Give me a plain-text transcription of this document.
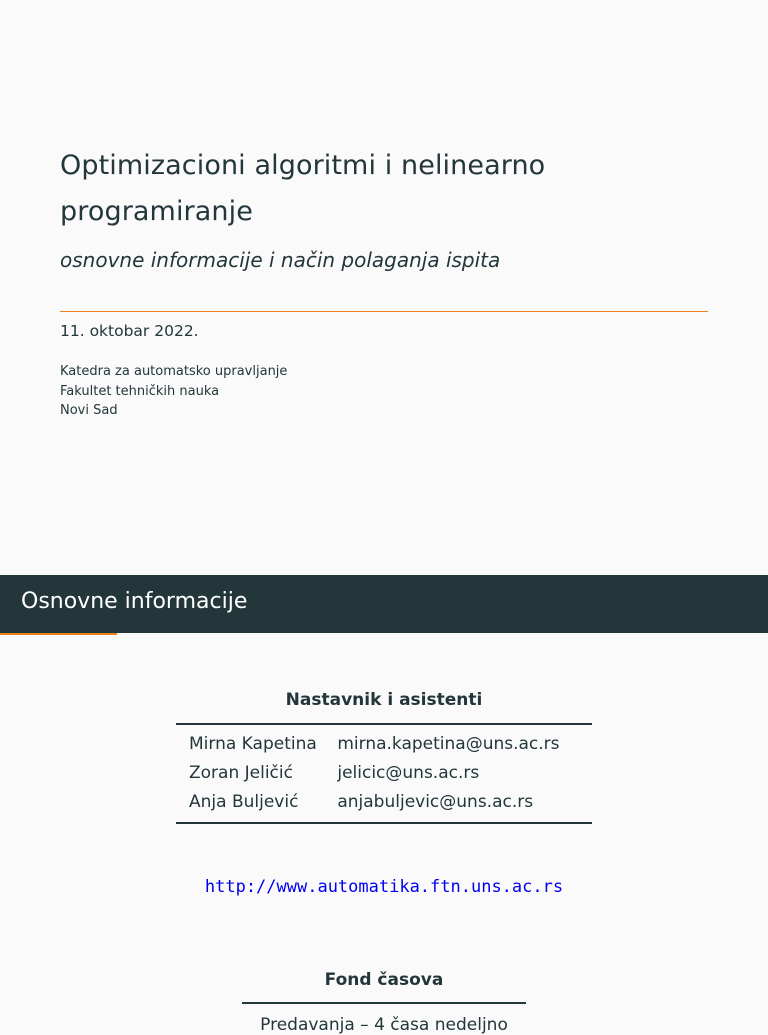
Optimizacioni algoritmi i nelinearno
programiranje
osnovne informacije i način polaganja ispita
11. oktobar 2022.
Katedra za automatsko upravljanje
Fakultet tehničkih nauka
Novi Sad
Osnovne informacije
Nastavnik i asistenti
Mirna Kapetina	mirna.kapetina@uns.ac.rs
Zoran Jeličić	jelicic@uns.ac.rs
Anja Buljević	anjabuljevic@uns.ac.rs
http://www.automatika.ftn.uns.ac.rs
Fond časova
Predavanja – 4 časa nedeljno
